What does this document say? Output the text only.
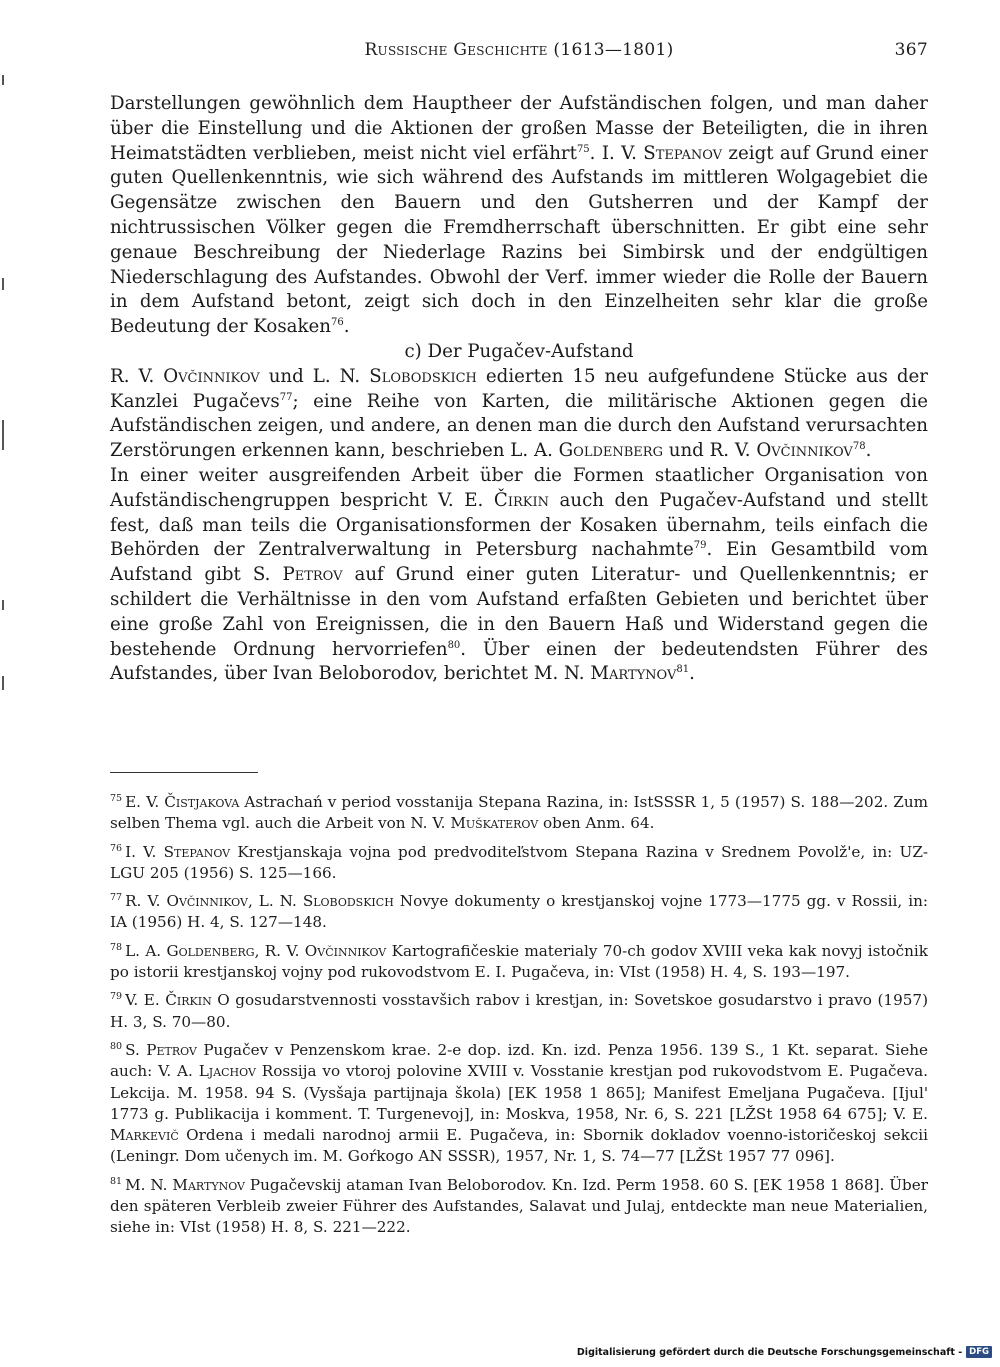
Russische Geschichte (1613—1801)	367

Darstellungen gewöhnlich dem Hauptheer der Aufständischen folgen, und man daher über die Einstellung und die Aktionen der großen Masse der Beteiligten, die in ihren Heimatstädten verblieben, meist nicht viel erfährt$^{75}$. I. V. Stepanov zeigt auf Grund einer guten Quellenkenntnis, wie sich während des Aufstands im mittleren Wolgagebiet die Gegensätze zwischen den Bauern und den Gutsherren und der Kampf der nichtrussischen Völker gegen die Fremdherrschaft überschnitten. Er gibt eine sehr genaue Beschreibung der Niederlage Razins bei Simbirsk und der endgültigen Niederschlagung des Aufstandes. Obwohl der Verf. immer wieder die Rolle der Bauern in dem Aufstand betont, zeigt sich doch in den Einzelheiten sehr klar die große Bedeutung der Kosaken$^{76}$.

c) Der Pugačev-Aufstand

R. V. Ovčinnikov und L. N. Slobodskich edierten 15 neu aufgefundene Stücke aus der Kanzlei Pugačevs$^{77}$; eine Reihe von Karten, die militärische Aktionen gegen die Aufständischen zeigen, und andere, an denen man die durch den Aufstand verursachten Zerstörungen erkennen kann, beschrieben L. A. Goldenberg und R. V. Ovčinnikov$^{78}$.

In einer weiter ausgreifenden Arbeit über die Formen staatlicher Organisation von Aufständischengruppen bespricht V. E. Čirkin auch den Pugačev-Aufstand und stellt fest, daß man teils die Organisationsformen der Kosaken übernahm, teils einfach die Behörden der Zentralverwaltung in Petersburg nachahmte$^{79}$. Ein Gesamtbild vom Aufstand gibt S. Petrov auf Grund einer guten Literatur- und Quellenkenntnis; er schildert die Verhältnisse in den vom Aufstand erfaßten Gebieten und berichtet über eine große Zahl von Ereignissen, die in den Bauern Haß und Widerstand gegen die bestehende Ordnung hervorriefen$^{80}$. Über einen der bedeutendsten Führer des Aufstandes, über Ivan Beloborodov, berichtet M. N. Martynov$^{81}$.

$^{75}$ E. V. Čistjakova Astrachań v period vosstanija Stepana Razina, in: IstSSSR 1, 5 (1957) S. 188—202. Zum selben Thema vgl. auch die Arbeit von N. V. Muškaterov oben Anm. 64.

$^{76}$ I. V. Stepanov Krestjanskaja vojna pod predvoditeľstvom Stepana Razina v Srednem Povolž'e, in: UZ-LGU 205 (1956) S. 125—166.

$^{77}$ R. V. Ovčinnikov, L. N. Slobodskich Novye dokumenty o krestjanskoj vojne 1773—1775 gg. v Rossii, in: IA (1956) H. 4, S. 127—148.

$^{78}$ L. A. Goldenberg, R. V. Ovčinnikov Kartografičeskie materialy 70-ch godov XVIII veka kak novyj istočnik po istorii krestjanskoj vojny pod rukovodstvom E. I. Pugačeva, in: VIst (1958) H. 4, S. 193—197.

$^{79}$ V. E. Čirkin O gosudarstvennosti vosstavšich rabov i krestjan, in: Sovetskoe gosudarstvo i pravo (1957) H. 3, S. 70—80.

$^{80}$ S. Petrov Pugačev v Penzenskom krae. 2-e dop. izd. Kn. izd. Penza 1956. 139 S., 1 Kt. separat. Siehe auch: V. A. Ljachov Rossija vo vtoroj polovine XVIII v. Vosstanie krestjan pod rukovodstvom E. Pugačeva. Lekcija. M. 1958. 94 S. (Vysšaja partijnaja škola) [EK 1958 1 865]; Manifest Emeljana Pugačeva. [Ijul' 1773 g. Publikacija i komment. T. Turgenevoj], in: Moskva, 1958, Nr. 6, S. 221 [LŽSt 1958 64 675]; V. E. Markevič Ordena i medali narodnoj armii E. Pugačeva, in: Sbornik dokladov voenno-istoričeskoj sekcii (Leningr. Dom učenych im. M. Goŕkogo AN SSSR), 1957, Nr. 1, S. 74—77 [LŽSt 1957 77 096].

$^{81}$ M. N. Martynov Pugačevskij ataman Ivan Beloborodov. Kn. Izd. Perm 1958. 60 S. [EK 1958 1 868]. Über den späteren Verbleib zweier Führer des Aufstandes, Salavat und Julaj, entdeckte man neue Materialien, siehe in: VIst (1958) H. 8, S. 221—222.

Digitalisierung gefördert durch die Deutsche Forschungsgemeinschaft - DFG
